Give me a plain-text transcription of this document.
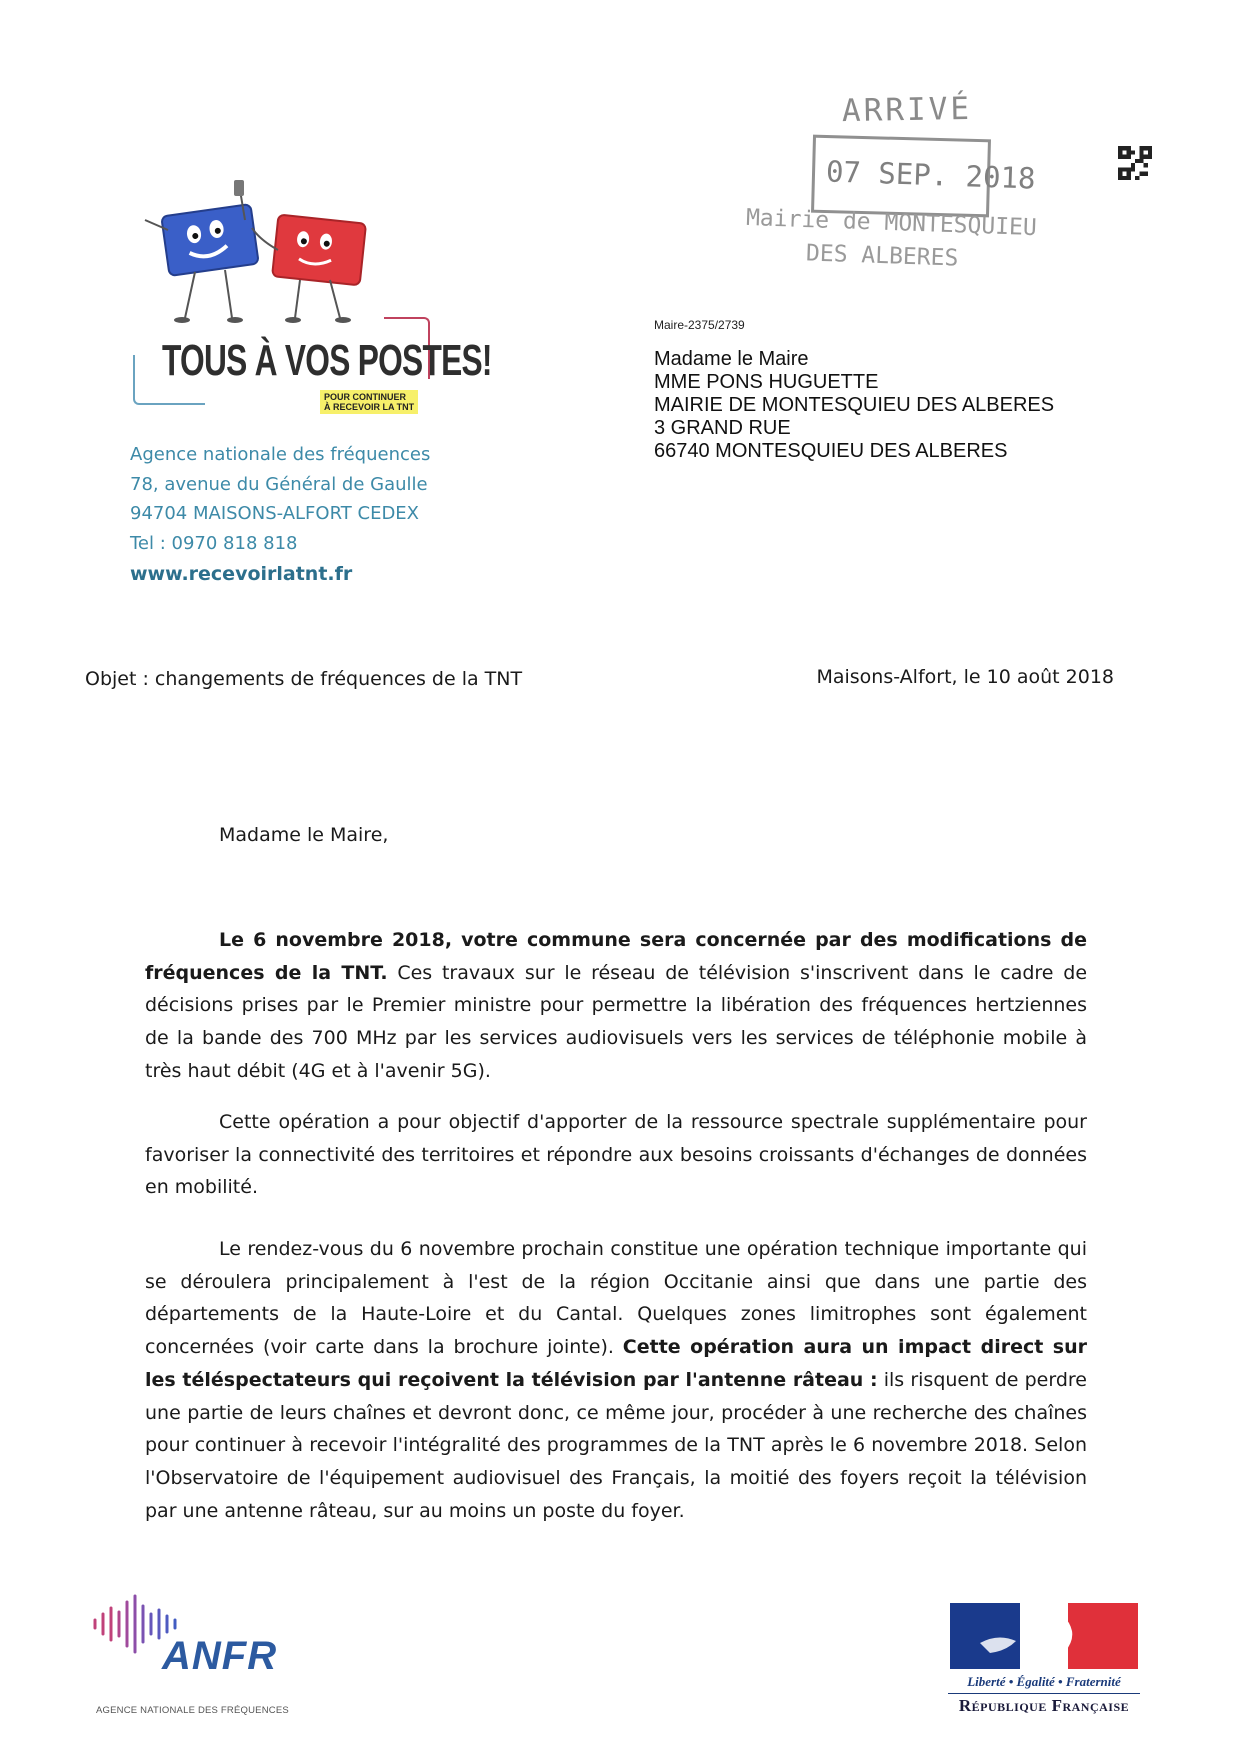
ARRIVÉ
07 SEP. 2018
Mairie de MONTESQUIEU
DES ALBERES
TOUS À VOS POSTES!
POUR CONTINUER
À RECEVOIR LA TNT
Agence nationale des fréquences
78, avenue du Général de Gaulle
94704 MAISONS-ALFORT CEDEX
Tel : 0970 818 818
www.recevoirlatnt.fr
Maire-2375/2739
Madame le Maire
MME PONS HUGUETTE
MAIRIE DE MONTESQUIEU DES ALBERES
3 GRAND RUE
66740 MONTESQUIEU DES ALBERES
Objet : changements de fréquences de la TNT	Maisons-Alfort, le 10 août 2018
Madame le Maire,
Le 6 novembre 2018, votre commune sera concernée par des modifications de fréquences de la TNT. Ces travaux sur le réseau de télévision s'inscrivent dans le cadre de décisions prises par le Premier ministre pour permettre la libération des fréquences hertziennes de la bande des 700 MHz par les services audiovisuels vers les services de téléphonie mobile à très haut débit (4G et à l'avenir 5G).
Cette opération a pour objectif d'apporter de la ressource spectrale supplémentaire pour favoriser la connectivité des territoires et répondre aux besoins croissants d'échanges de données en mobilité.
Le rendez-vous du 6 novembre prochain constitue une opération technique importante qui se déroulera principalement à l'est de la région Occitanie ainsi que dans une partie des départements de la Haute-Loire et du Cantal. Quelques zones limitrophes sont également concernées (voir carte dans la brochure jointe). Cette opération aura un impact direct sur les téléspectateurs qui reçoivent la télévision par l'antenne râteau : ils risquent de perdre une partie de leurs chaînes et devront donc, ce même jour, procéder à une recherche des chaînes pour continuer à recevoir l'intégralité des programmes de la TNT après le 6 novembre 2018. Selon l'Observatoire de l'équipement audiovisuel des Français, la moitié des foyers reçoit la télévision par une antenne râteau, sur au moins un poste du foyer.
ANFR
AGENCE NATIONALE DES FRÉQUENCES
Liberté • Égalité • Fraternité
République Française
